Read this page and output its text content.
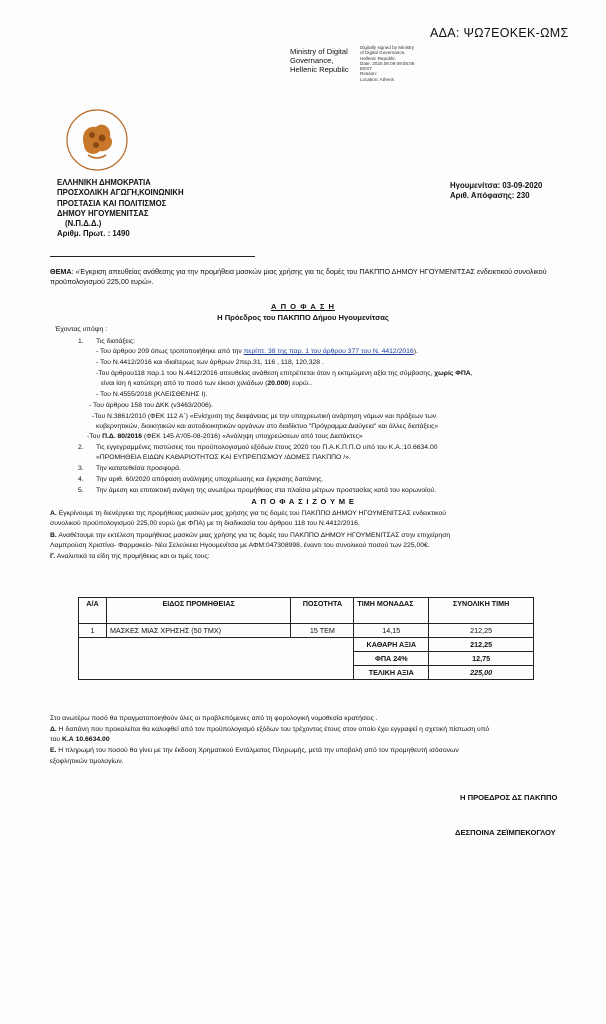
ΑΔΑ: ΨΩ7ΕΟΚΕΚ-ΩΜΣ
Ministry of Digital
Governance,
Hellenic Republic
Digitally signed by Ministry
of Digital Governance,
Hellenic Republic
Date: 2020.09.09 09:05:06
EEST
Reason:
Location: Athens
ΕΛΛΗΝΙΚΗ ΔΗΜΟΚΡΑΤΙΑ
ΠΡΟΣΧΟΛΙΚΗ ΑΓΩΓΗ,ΚΟΙΝΩΝΙΚΗ
ΠΡΟΣΤΑΣΙΑ ΚΑΙ ΠΟΛΙΤΙΣΜΟΣ
ΔΗΜΟΥ ΗΓΟΥΜΕΝΙΤΣΑΣ
(Ν.Π.Δ.Δ.)
Αριθμ. Πρωτ. : 1490
Ηγουμενίτσα: 03-09-2020
Αριθ. Απόφασης: 230
ΘΕΜΑ: «Έγκριση απευθείας ανάθεσης για την προμήθεια μασκών μιας χρήσης για τις δομές του ΠΑΚΠΠΟ ΔΗΜΟΥ ΗΓΟΥΜΕΝΙΤΣΑΣ ενδεικτικού συνολικού προϋπολογισμού 225,00 ευρώ».
Α Π Ο Φ Α Σ Η
Η Πρόεδρος του ΠΑΚΠΠΟ Δήμου Ηγουμενίτσας
Έχοντας υπόψη :
1. Τις διατάξεις:
- Του άρθρου 209 όπως τροποποιήθηκε από την περίπτ. 38 της παρ. 1 του άρθρου 377 του Ν. 4412/2016).
- Του Ν.4412/2016 και ιδιαίτερως των άρθρων 2περ.31, 116 , 118, 120,328 .
-Του άρθρου118 παρ.1 του Ν.4412/2016 απευθείας ανάθεση επιτρέπεται όταν η εκτιμώμενη αξία της σύμβασης, χωρίς ΦΠΑ,
είναι ίση ή κατώτερη από το ποσό των είκοσι χιλιάδων (20.000) ευρώ..
- Του Ν.4555/2018 (ΚΛΕΙΣΘΕΝΗΣ Ι).
- Του άρθρου 158 του ΔΚΚ (ν3463/2006).
-Του Ν.3861/2010 (ΦΕΚ 112 Α΄) «Ενίσχυση της διαφάνειας με την υποχρεωτική ανάρτηση νόμων και πράξεων των
κυβερνητικών, διοικητικών και αυτοδιοικητικών οργάνων στο διαδίκτυο "Πρόγραμμα Διαύγεια" και άλλες διατάξεις»
-Του Π.Δ. 80/2016 (ΦΕΚ 145 Α'/05-08-2016) «Ανάληψη υποχρεώσεων από τους Διατάκτες»
2. Τις εγγεγραμμένες πιστώσεις του προϋπολογισμού εξόδων έτους 2020 του Π.Α.Κ.Π.Π.Ο υπό του Κ.Α.:10.6634.00
«ΠΡΟΜΗΘΕΙΑ ΕΙΔΩΝ ΚΑΘΑΡΙΟΤΗΤΟΣ ΚΑΙ ΕΥΠΡΕΠΙΣΜΟΥ /ΔΟΜΕΣ ΠΑΚΠΠΟ /».
3. Την κατατεθείσα προσφορά.
4. Την αριθ. 60/2020 απόφαση ανάληψης υποχρέωσης και έγκρισης δαπάνης.
5. Την άμεση και επιτακτική ανάγκη της ανωτέρω προμήθειας στα πλαίσια μέτρων προστασίας κατά του κορωνοϊού.
Α Π Ο Φ Α Σ Ι Ζ Ο Υ Μ Ε
Α. Εγκρίνουμε τη διενέργεια της προμήθειας μασκών μιας χρήσης για τις δομές του ΠΑΚΠΠΟ ΔΗΜΟΥ ΗΓΟΥΜΕΝΙΤΣΑΣ ενδεικτικού
συνολικού προϋπολογισμού 225,00 ευρώ (με ΦΠΑ) με τη διαδικασία του άρθρου 118 του Ν.4412/2016.
Β. Αναθέτουμε την εκτέλεση προμήθειας μασκών μιας χρήσης για τις δομές του ΠΑΚΠΠΟ ΔΗΜΟΥ ΗΓΟΥΜΕΝΙΤΣΑΣ στην επιχείρηση
Λαμπρούση Χριστίνα- Φαρμακείο- Νέα Σελεύκεια Ηγουμενίτσα με ΑΦΜ:047308998, έναντι του συνολικού ποσού των 225,00€.
Γ. Αναλυτικά τα είδη της προμήθειας και οι τιμές τους:
Α/Α	ΕΙΔΟΣ ΠΡΟΜΗΘΕΙΑΣ	ΠΟΣΟΤΗΤΑ	ΤΙΜΗ ΜΟΝΑΔΑΣ	ΣΥΝΟΛΙΚΗ ΤΙΜΗ
1	ΜΑΣΚΕΣ ΜΙΑΣ ΧΡΗΣΗΣ (50 ΤΜΧ)	15 ΤΕΜ	14,15	212,25
			ΚΑΘΑΡΗ ΑΞΙΑ	212,25
			ΦΠΑ 24%	12,75
			ΤΕΛΙΚΗ ΑΞΙΑ	225,00
Στο ανωτέρω ποσό θα πραγματοποιηθούν όλες οι προβλεπόμενες από τη φορολογική νομοθεσία κρατήσεις .
Δ. Η δαπάνη που προκαλείται θα καλυφθεί από τον προϋπολογισμό εξόδων του τρέχοντος έτους στον οποίο έχει εγγραφεί η σχετική πίστωση υπό
του Κ.Α 10.6634.00
Ε. Η πληρωμή του ποσού θα γίνει με την έκδοση Χρηματικού Εντάλματος Πληρωμής, μετά την υποβολή από τον προμηθευτή ισόσονων
εξοφλητικών τιμολογίων.
Η ΠΡΟΕΔΡΟΣ ΔΣ ΠΑΚΠΠΟ
ΔΕΣΠΟΙΝΑ ΖΕΪΜΠΕΚΟΓΛΟΥ
